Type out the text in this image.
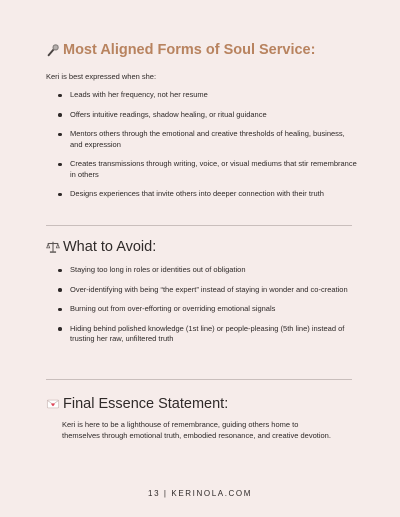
Most Aligned Forms of Soul Service:
Keri is best expressed when she:
Leads with her frequency, not her resume
Offers intuitive readings, shadow healing, or ritual guidance
Mentors others through the emotional and creative thresholds of healing, business, and expression
Creates transmissions through writing, voice, or visual mediums that stir remembrance in others
Designs experiences that invite others into deeper connection with their truth
What to Avoid:
Staying too long in roles or identities out of obligation
Over-identifying with being “the expert” instead of staying in wonder and co-creation
Burning out from over-efforting or overriding emotional signals
Hiding behind polished knowledge (1st line) or people-pleasing (5th line) instead of trusting her raw, unfiltered truth
Final Essence Statement:
Keri is here to be a lighthouse of remembrance, guiding others home to themselves through emotional truth, embodied resonance, and creative devotion.
13 | KERINOLA.COM
